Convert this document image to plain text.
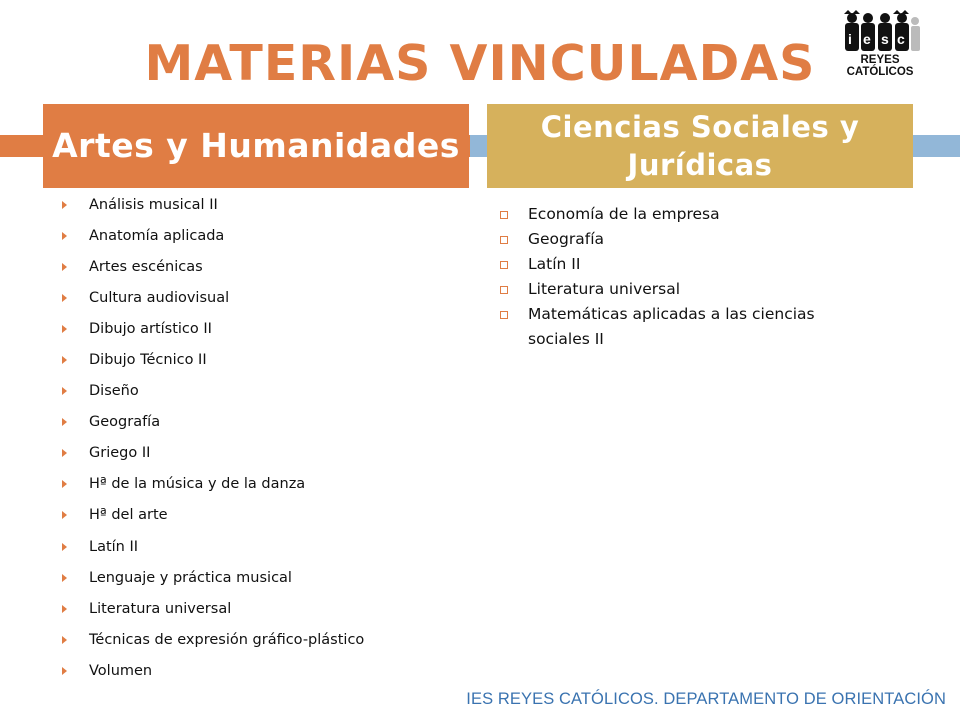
MATERIAS VINCULADAS	i e s c
REYES CATÓLICOS
Artes y Humanidades	Ciencias Sociales y Jurídicas
Análisis musical II
Anatomía aplicada
Artes escénicas
Cultura audiovisual
Dibujo artístico II
Dibujo Técnico II
Diseño
Geografía
Griego II
Hª de la música y de la danza
Hª del arte
Latín II
Lenguaje y práctica musical
Literatura universal
Técnicas de expresión gráfico-plástico
Volumen
Economía de la empresa
Geografía
Latín II
Literatura universal
Matemáticas aplicadas a las ciencias sociales II
IES REYES CATÓLICOS. DEPARTAMENTO DE ORIENTACIÓN
